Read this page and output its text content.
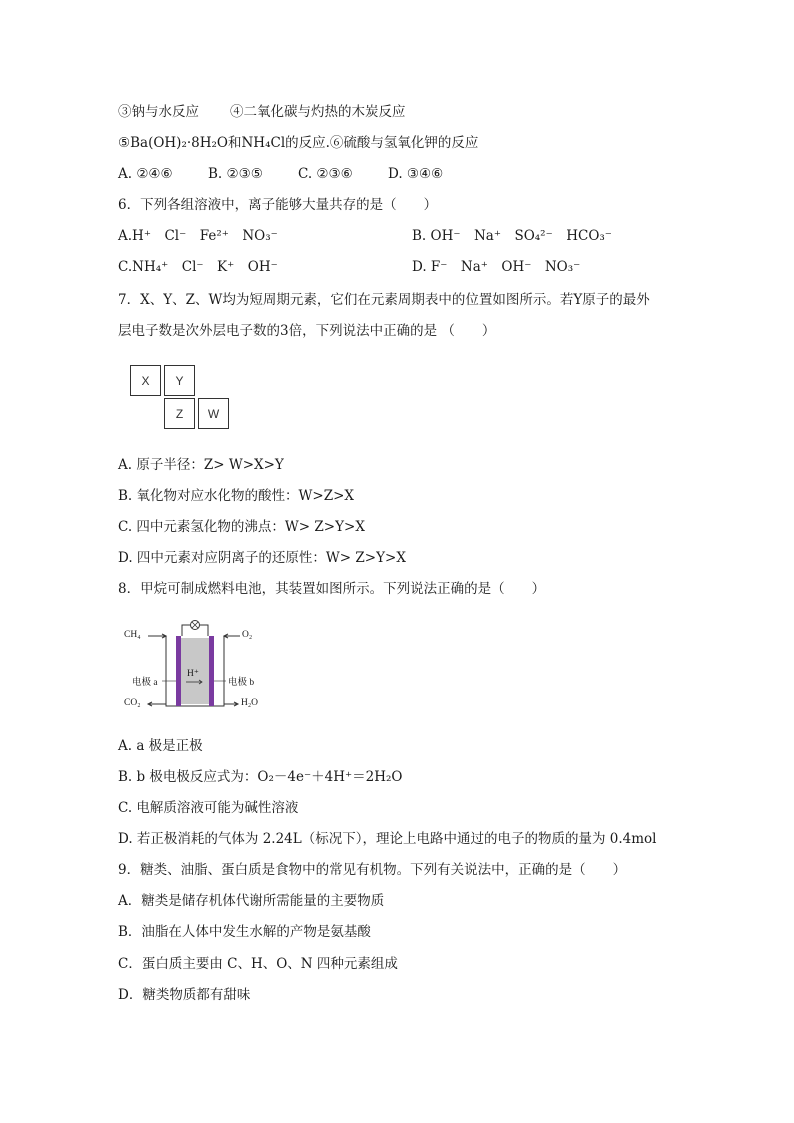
③钠与水反应 ④二氧化碳与灼热的木炭反应
⑤Ba(OH)₂·8H₂O和NH₄Cl的反应.⑥硫酸与氢氧化钾的反应
A. ②④⑥	B. ②③⑤	C. ②③⑥	D. ③④⑥
6．下列各组溶液中，离子能够大量共存的是（　　）
A.H⁺　Cl⁻　Fe²⁺　NO₃⁻	B. OH⁻　Na⁺　SO₄²⁻　HCO₃⁻
C.NH₄⁺　Cl⁻　K⁺　OH⁻	D. F⁻　Na⁺　OH⁻　NO₃⁻
7．X、Y、Z、W均为短周期元素，它们在元素周期表中的位置如图所示。若Y原子的最外
层电子数是次外层电子数的3倍，下列说法中正确的是 （　　）
X	Y
Z	W
A. 原子半径：Z> W>X>Y
B. 氧化物对应水化物的酸性：W>Z>X
C. 四中元素氢化物的沸点：W> Z>Y>X
D. 四中元素对应阴离子的还原性：W> Z>Y>X
8．甲烷可制成燃料电池，其装置如图所示。下列说法正确的是（　　）
CH₄	O₂
电极 a	电极 b
H⁺
CO₂	H₂O
A. a 极是正极
B. b 极电极反应式为：O₂－4e⁻＋4H⁺＝2H₂O
C. 电解质溶液可能为碱性溶液
D. 若正极消耗的气体为 2.24L（标况下），理论上电路中通过的电子的物质的量为 0.4mol
9．糖类、油脂、蛋白质是食物中的常见有机物。下列有关说法中，正确的是（　　）
A．糖类是储存机体代谢所需能量的主要物质
B．油脂在人体中发生水解的产物是氨基酸
C．蛋白质主要由 C、H、O、N 四种元素组成
D．糖类物质都有甜味
